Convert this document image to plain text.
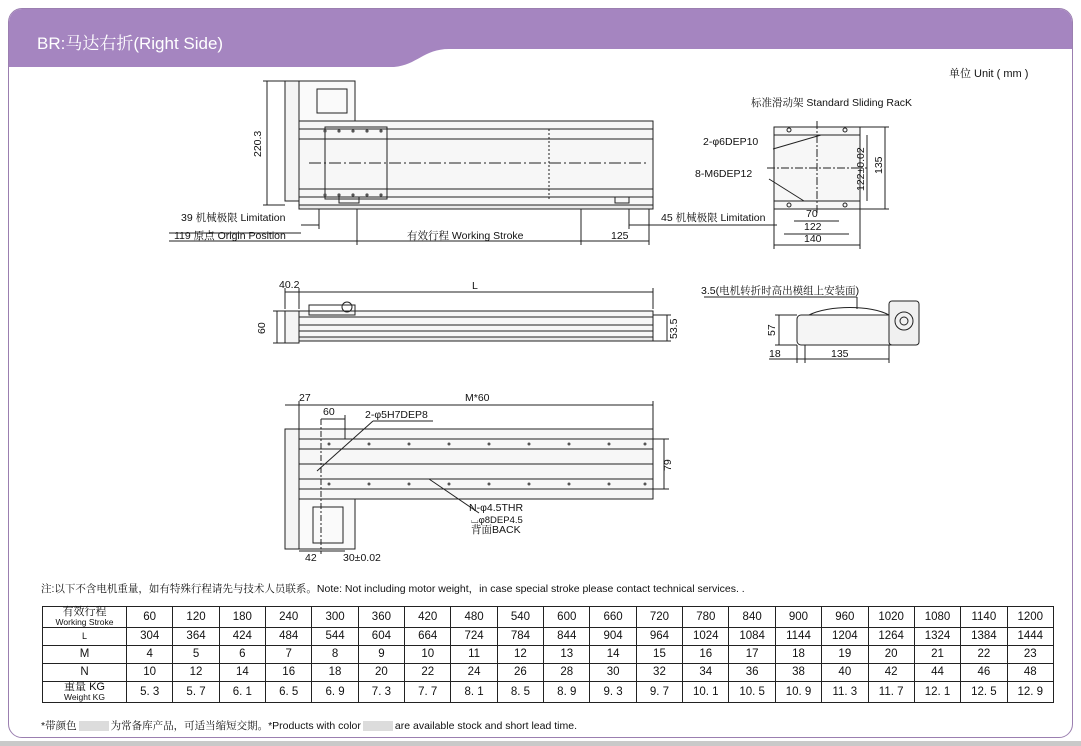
BR:马达右折(Right Side)
单位 Unit ( mm )
220.3
39 机械极限 Limitation
119 原点 Origin Position	有效行程 Working Stroke	125
45 机械极限 Limitation
标准滑动架 Standard Sliding RacK
2-φ6DEP10
8-M6DEP12	122±0.02 135
70
122
140
40.2	L
60	53.5
3.5(电机转折时高出模组上安装面)
57
18	135
27	M*60
60	2-φ5H7DEP8
79
N-φ4.5THR
⌴φ8DEP4.5
背面BACK
42	30±0.02
注:以下不含电机重量，如有特殊行程请先与技术人员联系。Note: Not including motor weight，in case special stroke please contact technical services. .
有效行程
Working Stroke	60	120	180	240	300	360	420	480	540	600	660	720	780	840	900	960	1020	1080	1140	1200
L	304	364	424	484	544	604	664	724	784	844	904	964	1024	1084	1144	1204	1264	1324	1384	1444
M	4	5	6	7	8	9	10	11	12	13	14	15	16	17	18	19	20	21	22	23
N	10	12	14	16	18	20	22	24	26	28	30	32	34	36	38	40	42	44	46	48

重量 KG
Weight KG	5. 3	5. 7	6. 1	6. 5	6. 9	7. 3	7. 7	8. 1	8. 5	8. 9	9. 3	9. 7	10. 1	10. 5	10. 9	11. 3	11. 7	12. 1	12. 5	12. 9
*带颜色	为常备库产品，可适当缩短交期。*Products with color	are available stock and short lead time.
